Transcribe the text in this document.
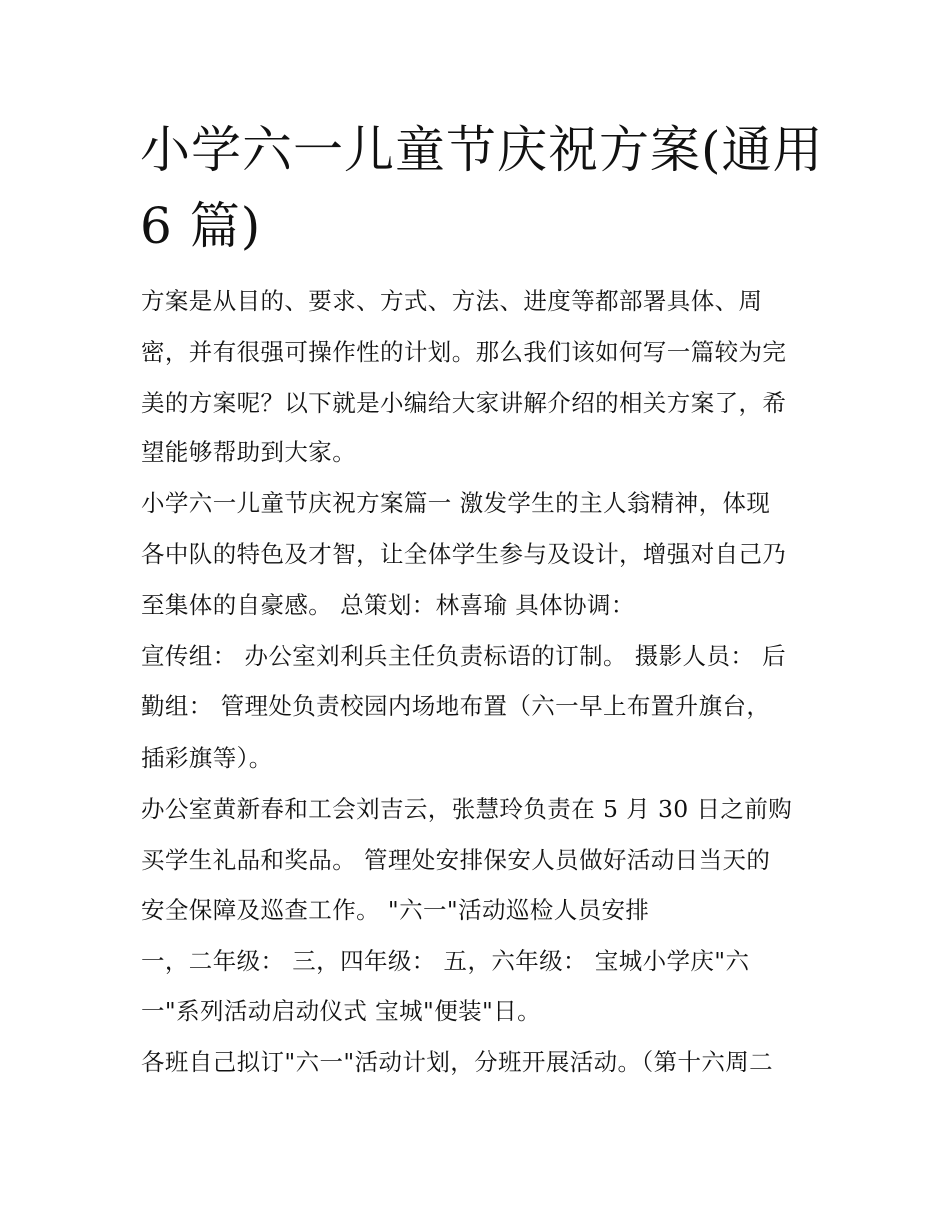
小学六一儿童节庆祝方案(通用
6 篇)

方案是从目的、要求、方式、方法、进度等都部署具体、周

密，并有很强可操作性的计划。那么我们该如何写一篇较为完

美的方案呢？以下就是小编给大家讲解介绍的相关方案了，希

望能够帮助到大家。

小学六一儿童节庆祝方案篇一 激发学生的主人翁精神，体现

各中队的特色及才智，让全体学生参与及设计，增强对自己乃

至集体的自豪感。 总策划：林喜瑜 具体协调：

宣传组： 办公室刘利兵主任负责标语的订制。 摄影人员： 后

勤组： 管理处负责校园内场地布置（六一早上布置升旗台，

插彩旗等）。

办公室黄新春和工会刘吉云，张慧玲负责在 5 月 30 日之前购

买学生礼品和奖品。 管理处安排保安人员做好活动日当天的

安全保障及巡查工作。 "六一"活动巡检人员安排

一，二年级： 三，四年级： 五，六年级： 宝城小学庆"六

一"系列活动启动仪式 宝城"便装"日。

各班自己拟订"六一"活动计划，分班开展活动。（第十六周二
